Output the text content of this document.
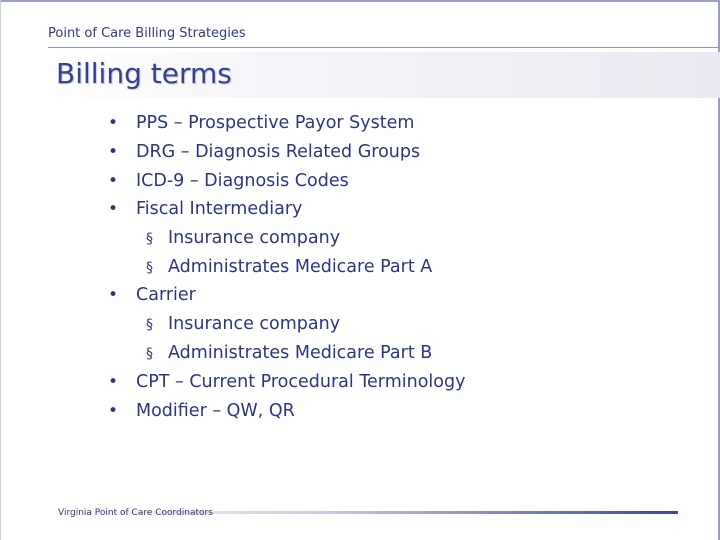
Point of Care Billing Strategies
Billing terms
• PPS – Prospective Payor System
• DRG – Diagnosis Related Groups
• ICD-9 – Diagnosis Codes
• Fiscal Intermediary
§ Insurance company
§ Administrates Medicare Part A
• Carrier
§ Insurance company
§ Administrates Medicare Part B
• CPT – Current Procedural Terminology
• Modifier – QW, QR
Virginia Point of Care Coordinators
